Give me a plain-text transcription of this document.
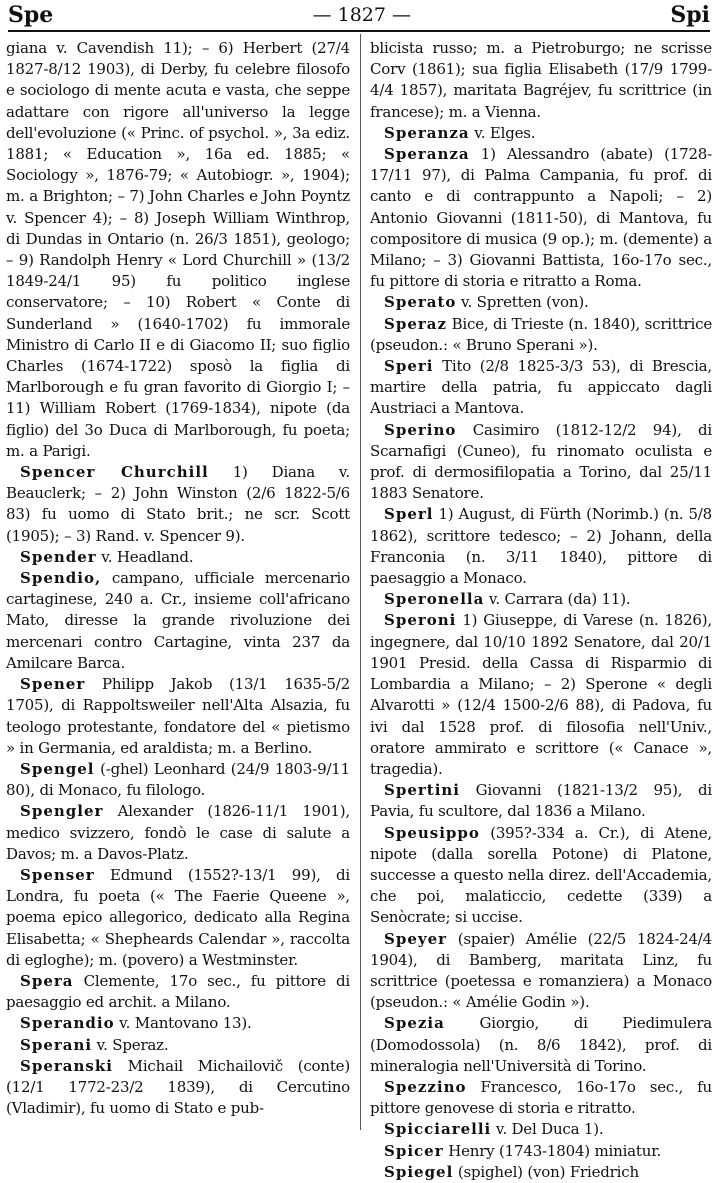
Spe	— 1827 —	Spi
giana v. Cavendish 11); – 6) Herbert (27/4 1827-8/12 1903), di Derby, fu celebre filosofo e sociologo di mente acuta e vasta, che seppe adattare con rigore all'universo la legge dell'evoluzione (« Princ. of psychol. », 3a ediz. 1881; « Education », 16a ed. 1885; « Sociology », 1876-79; « Autobiogr. », 1904); m. a Brighton; – 7) John Charles e John Poyntz v. Spencer 4); – 8) Joseph William Winthrop, di Dundas in Ontario (n. 26/3 1851), geologo; – 9) Randolph Henry « Lord Churchill » (13/2 1849-24/1 95) fu politico inglese conservatore; – 10) Robert « Conte di Sunderland » (1640-1702) fu immorale Ministro di Carlo II e di Giacomo II; suo figlio Charles (1674-1722) sposò la figlia di Marlborough e fu gran favorito di Giorgio I; – 11) William Robert (1769-1834), nipote (da figlio) del 3o Duca di Marlborough, fu poeta; m. a Parigi.
Spencer Churchill 1) Diana v. Beauclerk; – 2) John Winston (2/6 1822-5/6 83) fu uomo di Stato brit.; ne scr. Scott (1905); – 3) Rand. v. Spencer 9).
Spender v. Headland.
Spendio, campano, ufficiale mercenario cartaginese, 240 a. Cr., insieme coll'africano Mato, diresse la grande rivoluzione dei mercenari contro Cartagine, vinta 237 da Amilcare Barca.
Spener Philipp Jakob (13/1 1635-5/2 1705), di Rappoltsweiler nell'Alta Alsazia, fu teologo protestante, fondatore del « pietismo » in Germania, ed araldista; m. a Berlino.
Spengel (-ghel) Leonhard (24/9 1803-9/11 80), di Monaco, fu filologo.
Spengler Alexander (1826-11/1 1901), medico svizzero, fondò le case di salute a Davos; m. a Davos-Platz.
Spenser Edmund (1552?-13/1 99), di Londra, fu poeta (« The Faerie Queene », poema epico allegorico, dedicato alla Regina Elisabetta; « Shepheards Calendar », raccolta di egloghe); m. (povero) a Westminster.
Spera Clemente, 17o sec., fu pittore di paesaggio ed archit. a Milano.
Sperandio v. Mantovano 13).
Sperani v. Speraz.
Speranski Michail Michailovič (conte) (12/1 1772-23/2 1839), di Cercutino (Vladimir), fu uomo di Stato e pub-
blicista russo; m. a Pietroburgo; ne scrisse Corv (1861); sua figlia Elisabeth (17/9 1799-4/4 1857), maritata Bagréjev, fu scrittrice (in francese); m. a Vienna.
Speranza v. Elges.
Speranza 1) Alessandro (abate) (1728-17/11 97), di Palma Campania, fu prof. di canto e di contrappunto a Napoli; – 2) Antonio Giovanni (1811-50), di Mantova, fu compositore di musica (9 op.); m. (demente) a Milano; – 3) Giovanni Battista, 16o-17o sec., fu pittore di storia e ritratto a Roma.
Sperato v. Spretten (von).
Speraz Bice, di Trieste (n. 1840), scrittrice (pseudon.: « Bruno Sperani »).
Speri Tito (2/8 1825-3/3 53), di Brescia, martire della patria, fu appiccato dagli Austriaci a Mantova.
Sperino Casimiro (1812-12/2 94), di Scarnafigi (Cuneo), fu rinomato oculista e prof. di dermosifilopatia a Torino, dal 25/11 1883 Senatore.
Sperl 1) August, di Fürth (Norimb.) (n. 5/8 1862), scrittore tedesco; – 2) Johann, della Franconia (n. 3/11 1840), pittore di paesaggio a Monaco.
Speronella v. Carrara (da) 11).
Speroni 1) Giuseppe, di Varese (n. 1826), ingegnere, dal 10/10 1892 Senatore, dal 20/1 1901 Presid. della Cassa di Risparmio di Lombardia a Milano; – 2) Sperone « degli Alvarotti » (12/4 1500-2/6 88), di Padova, fu ivi dal 1528 prof. di filosofia nell'Univ., oratore ammirato e scrittore (« Canace », tragedia).
Spertini Giovanni (1821-13/2 95), di Pavia, fu scultore, dal 1836 a Milano.
Speusippo (395?-334 a. Cr.), di Atene, nipote (dalla sorella Potone) di Platone, successe a questo nella direz. dell'Accademia, che poi, malaticcio, cedette (339) a Senòcrate; si uccise.
Speyer (spaier) Amélie (22/5 1824-24/4 1904), di Bamberg, maritata Linz, fu scrittrice (poetessa e romanziera) a Monaco (pseudon.: « Amélie Godin »).
Spezia Giorgio, di Piedimulera (Domodossola) (n. 8/6 1842), prof. di mineralogia nell'Università di Torino.
Spezzino Francesco, 16o-17o sec., fu pittore genovese di storia e ritratto.
Spicciarelli v. Del Duca 1).
Spicer Henry (1743-1804) miniatur.
Spiegel (spighel) (von) Friedrich
